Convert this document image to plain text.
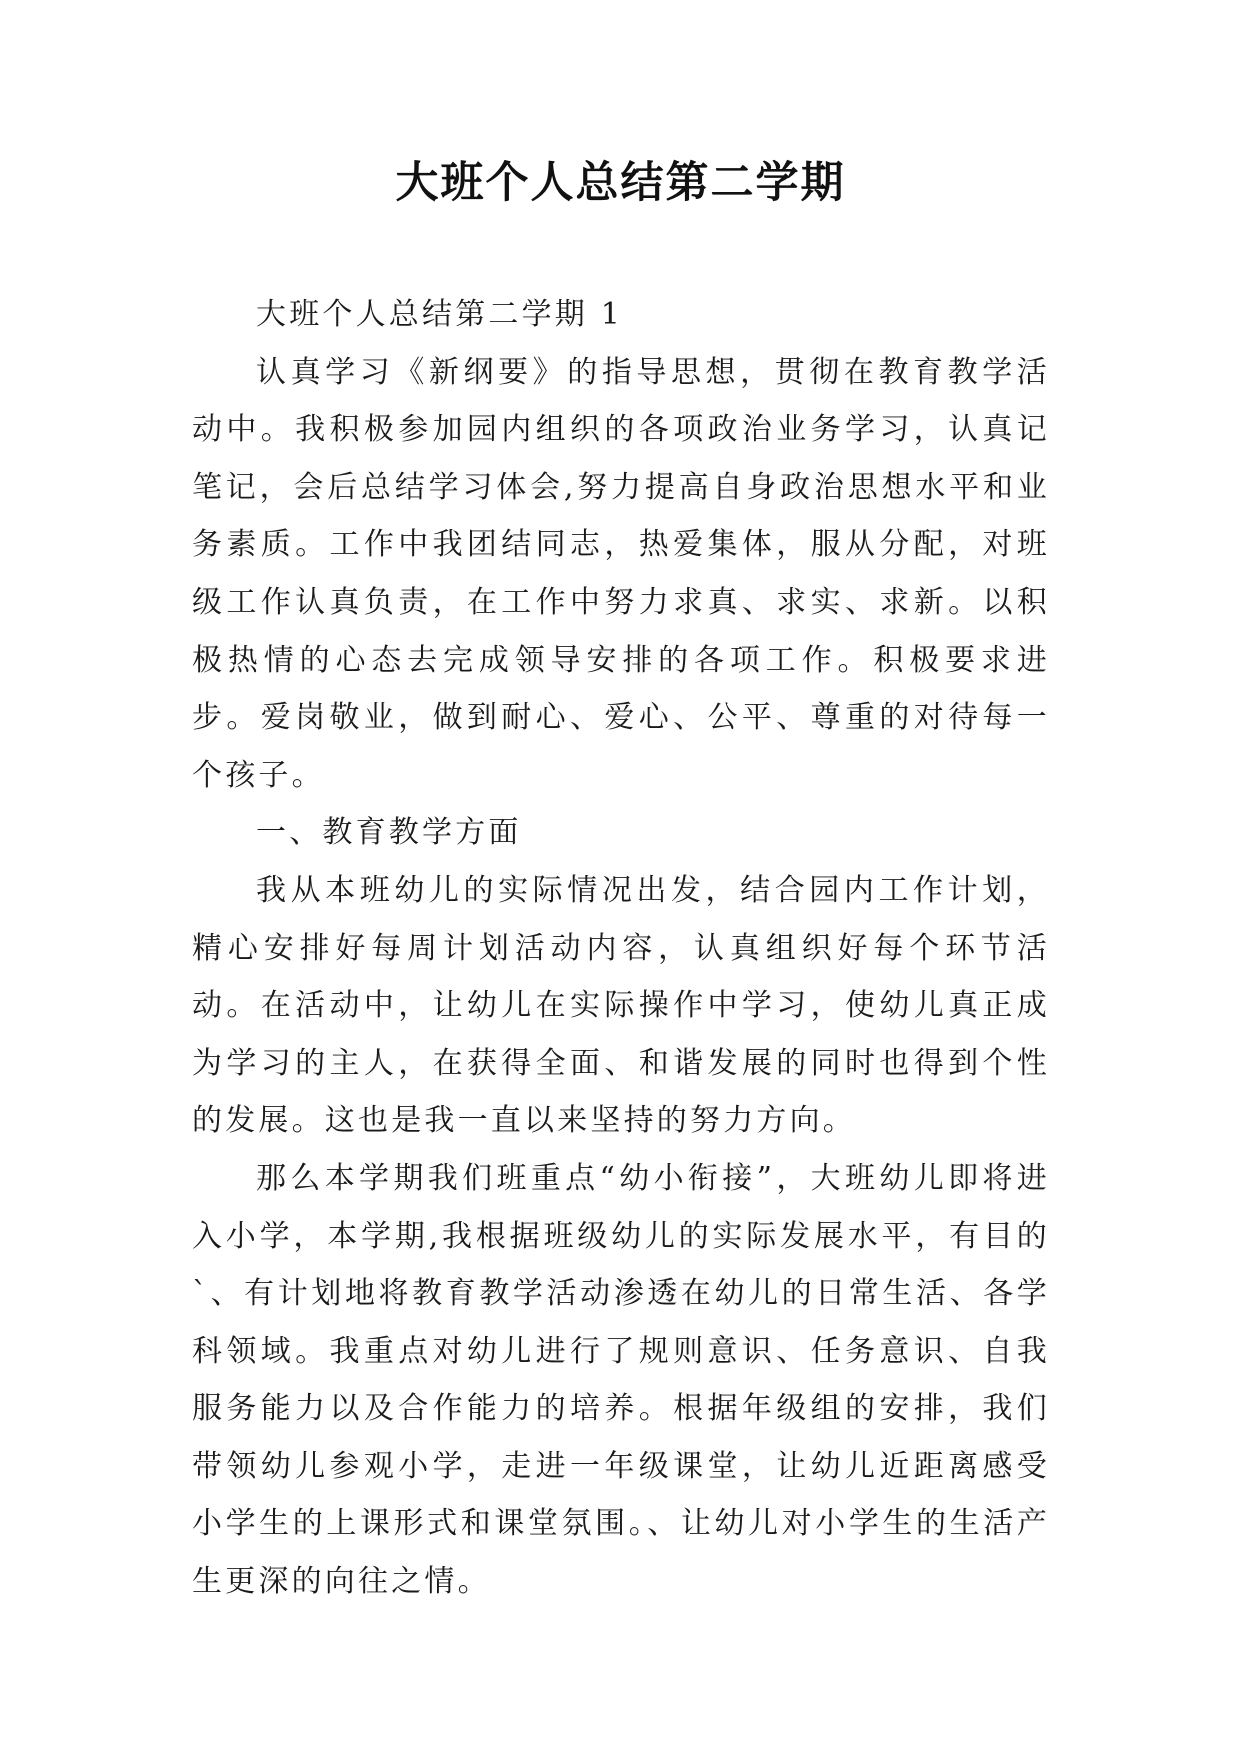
大班个人总结第二学期

大班个人总结第二学期 1

认真学习《新纲要》的指导思想，贯彻在教育教学活动中。我积极参加园内组织的各项政治业务学习，认真记笔记，会后总结学习体会,努力提高自身政治思想水平和业务素质。工作中我团结同志，热爱集体，服从分配，对班级工作认真负责，在工作中努力求真、求实、求新。以积极热情的心态去完成领导安排的各项工作。积极要求进步。爱岗敬业，做到耐心、爱心、公平、尊重的对待每一个孩子。

一、教育教学方面

我从本班幼儿的实际情况出发，结合园内工作计划，精心安排好每周计划活动内容，认真组织好每个环节活动。在活动中，让幼儿在实际操作中学习，使幼儿真正成为学习的主人，在获得全面、和谐发展的同时也得到个性的发展。这也是我一直以来坚持的努力方向。

那么本学期我们班重点“幼小衔接”，大班幼儿即将进入小学，本学期,我根据班级幼儿的实际发展水平，有目的`、有计划地将教育教学活动渗透在幼儿的日常生活、各学科领域。我重点对幼儿进行了规则意识、任务意识、自我服务能力以及合作能力的培养。根据年级组的安排，我们带领幼儿参观小学，走进一年级课堂，让幼儿近距离感受小学生的上课形式和课堂氛围。、让幼儿对小学生的生活产生更深的向往之情。
